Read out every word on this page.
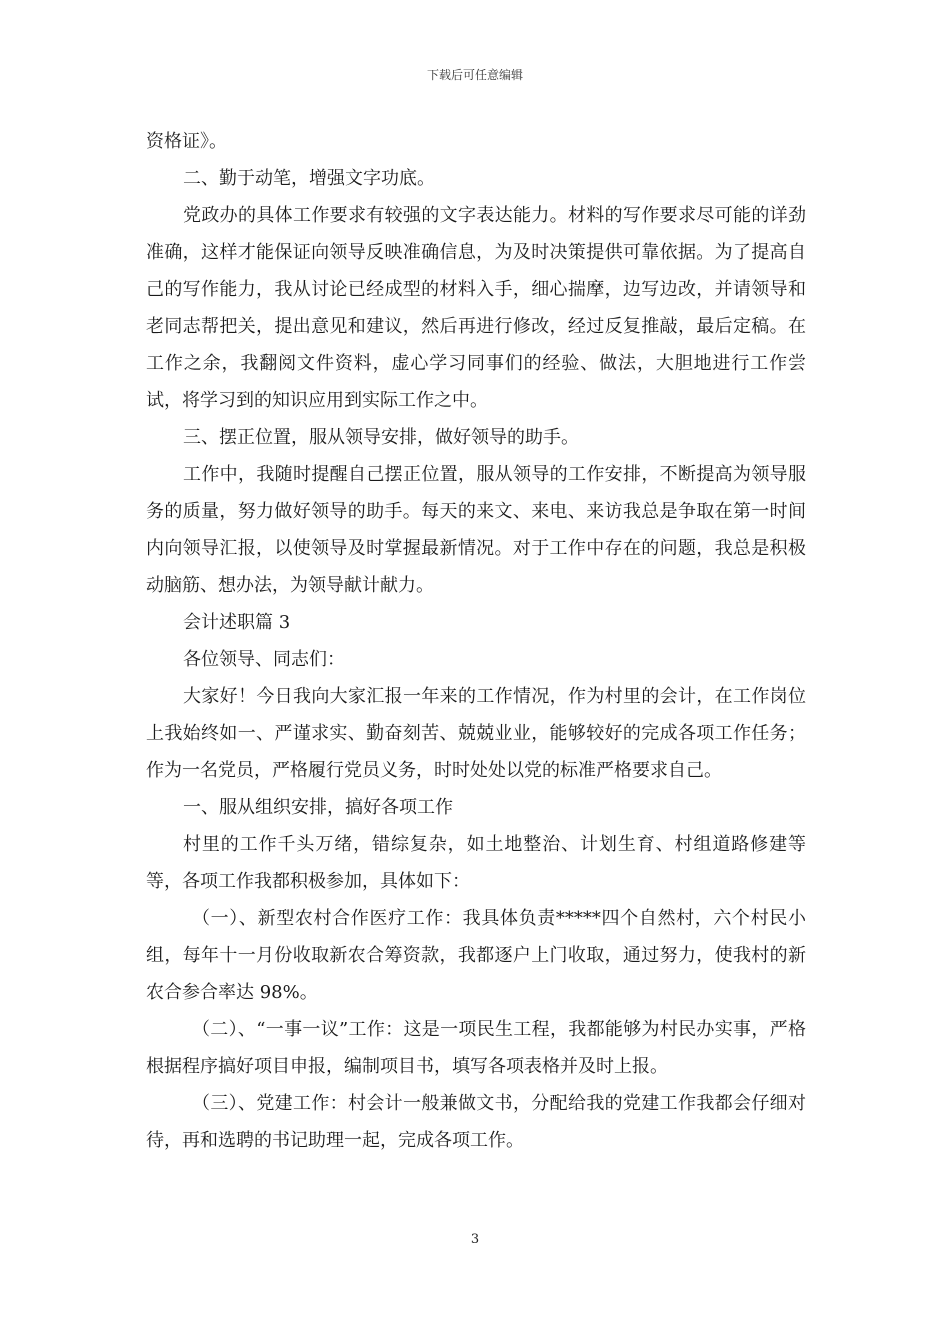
下载后可任意编辑

资格证》。

二、勤于动笔，增强文字功底。

党政办的具体工作要求有较强的文字表达能力。材料的写作要求尽可能的详劲准确，这样才能保证向领导反映准确信息，为及时决策提供可靠依据。为了提高自己的写作能力，我从讨论已经成型的材料入手，细心揣摩，边写边改，并请领导和老同志帮把关，提出意见和建议，然后再进行修改，经过反复推敲，最后定稿。在工作之余，我翻阅文件资料，虚心学习同事们的经验、做法，大胆地进行工作尝试，将学习到的知识应用到实际工作之中。

三、摆正位置，服从领导安排，做好领导的助手。

工作中，我随时提醒自己摆正位置，服从领导的工作安排，不断提高为领导服务的质量，努力做好领导的助手。每天的来文、来电、来访我总是争取在第一时间内向领导汇报，以使领导及时掌握最新情况。对于工作中存在的问题，我总是积极动脑筋、想办法，为领导献计献力。

会计述职篇 3

各位领导、同志们：

大家好！今日我向大家汇报一年来的工作情况，作为村里的会计，在工作岗位上我始终如一、严谨求实、勤奋刻苦、兢兢业业，能够较好的完成各项工作任务；作为一名党员，严格履行党员义务，时时处处以党的标准严格要求自己。

一、服从组织安排，搞好各项工作

村里的工作千头万绪，错综复杂，如土地整治、计划生育、村组道路修建等等，各项工作我都积极参加，具体如下：

（一）、新型农村合作医疗工作：我具体负责*****四个自然村，六个村民小组，每年十一月份收取新农合筹资款，我都逐户上门收取，通过努力，使我村的新农合参合率达 98%。

（二）、“一事一议”工作：这是一项民生工程，我都能够为村民办实事，严格根据程序搞好项目申报，编制项目书，填写各项表格并及时上报。

（三）、党建工作：村会计一般兼做文书，分配给我的党建工作我都会仔细对待，再和选聘的书记助理一起，完成各项工作。

3
